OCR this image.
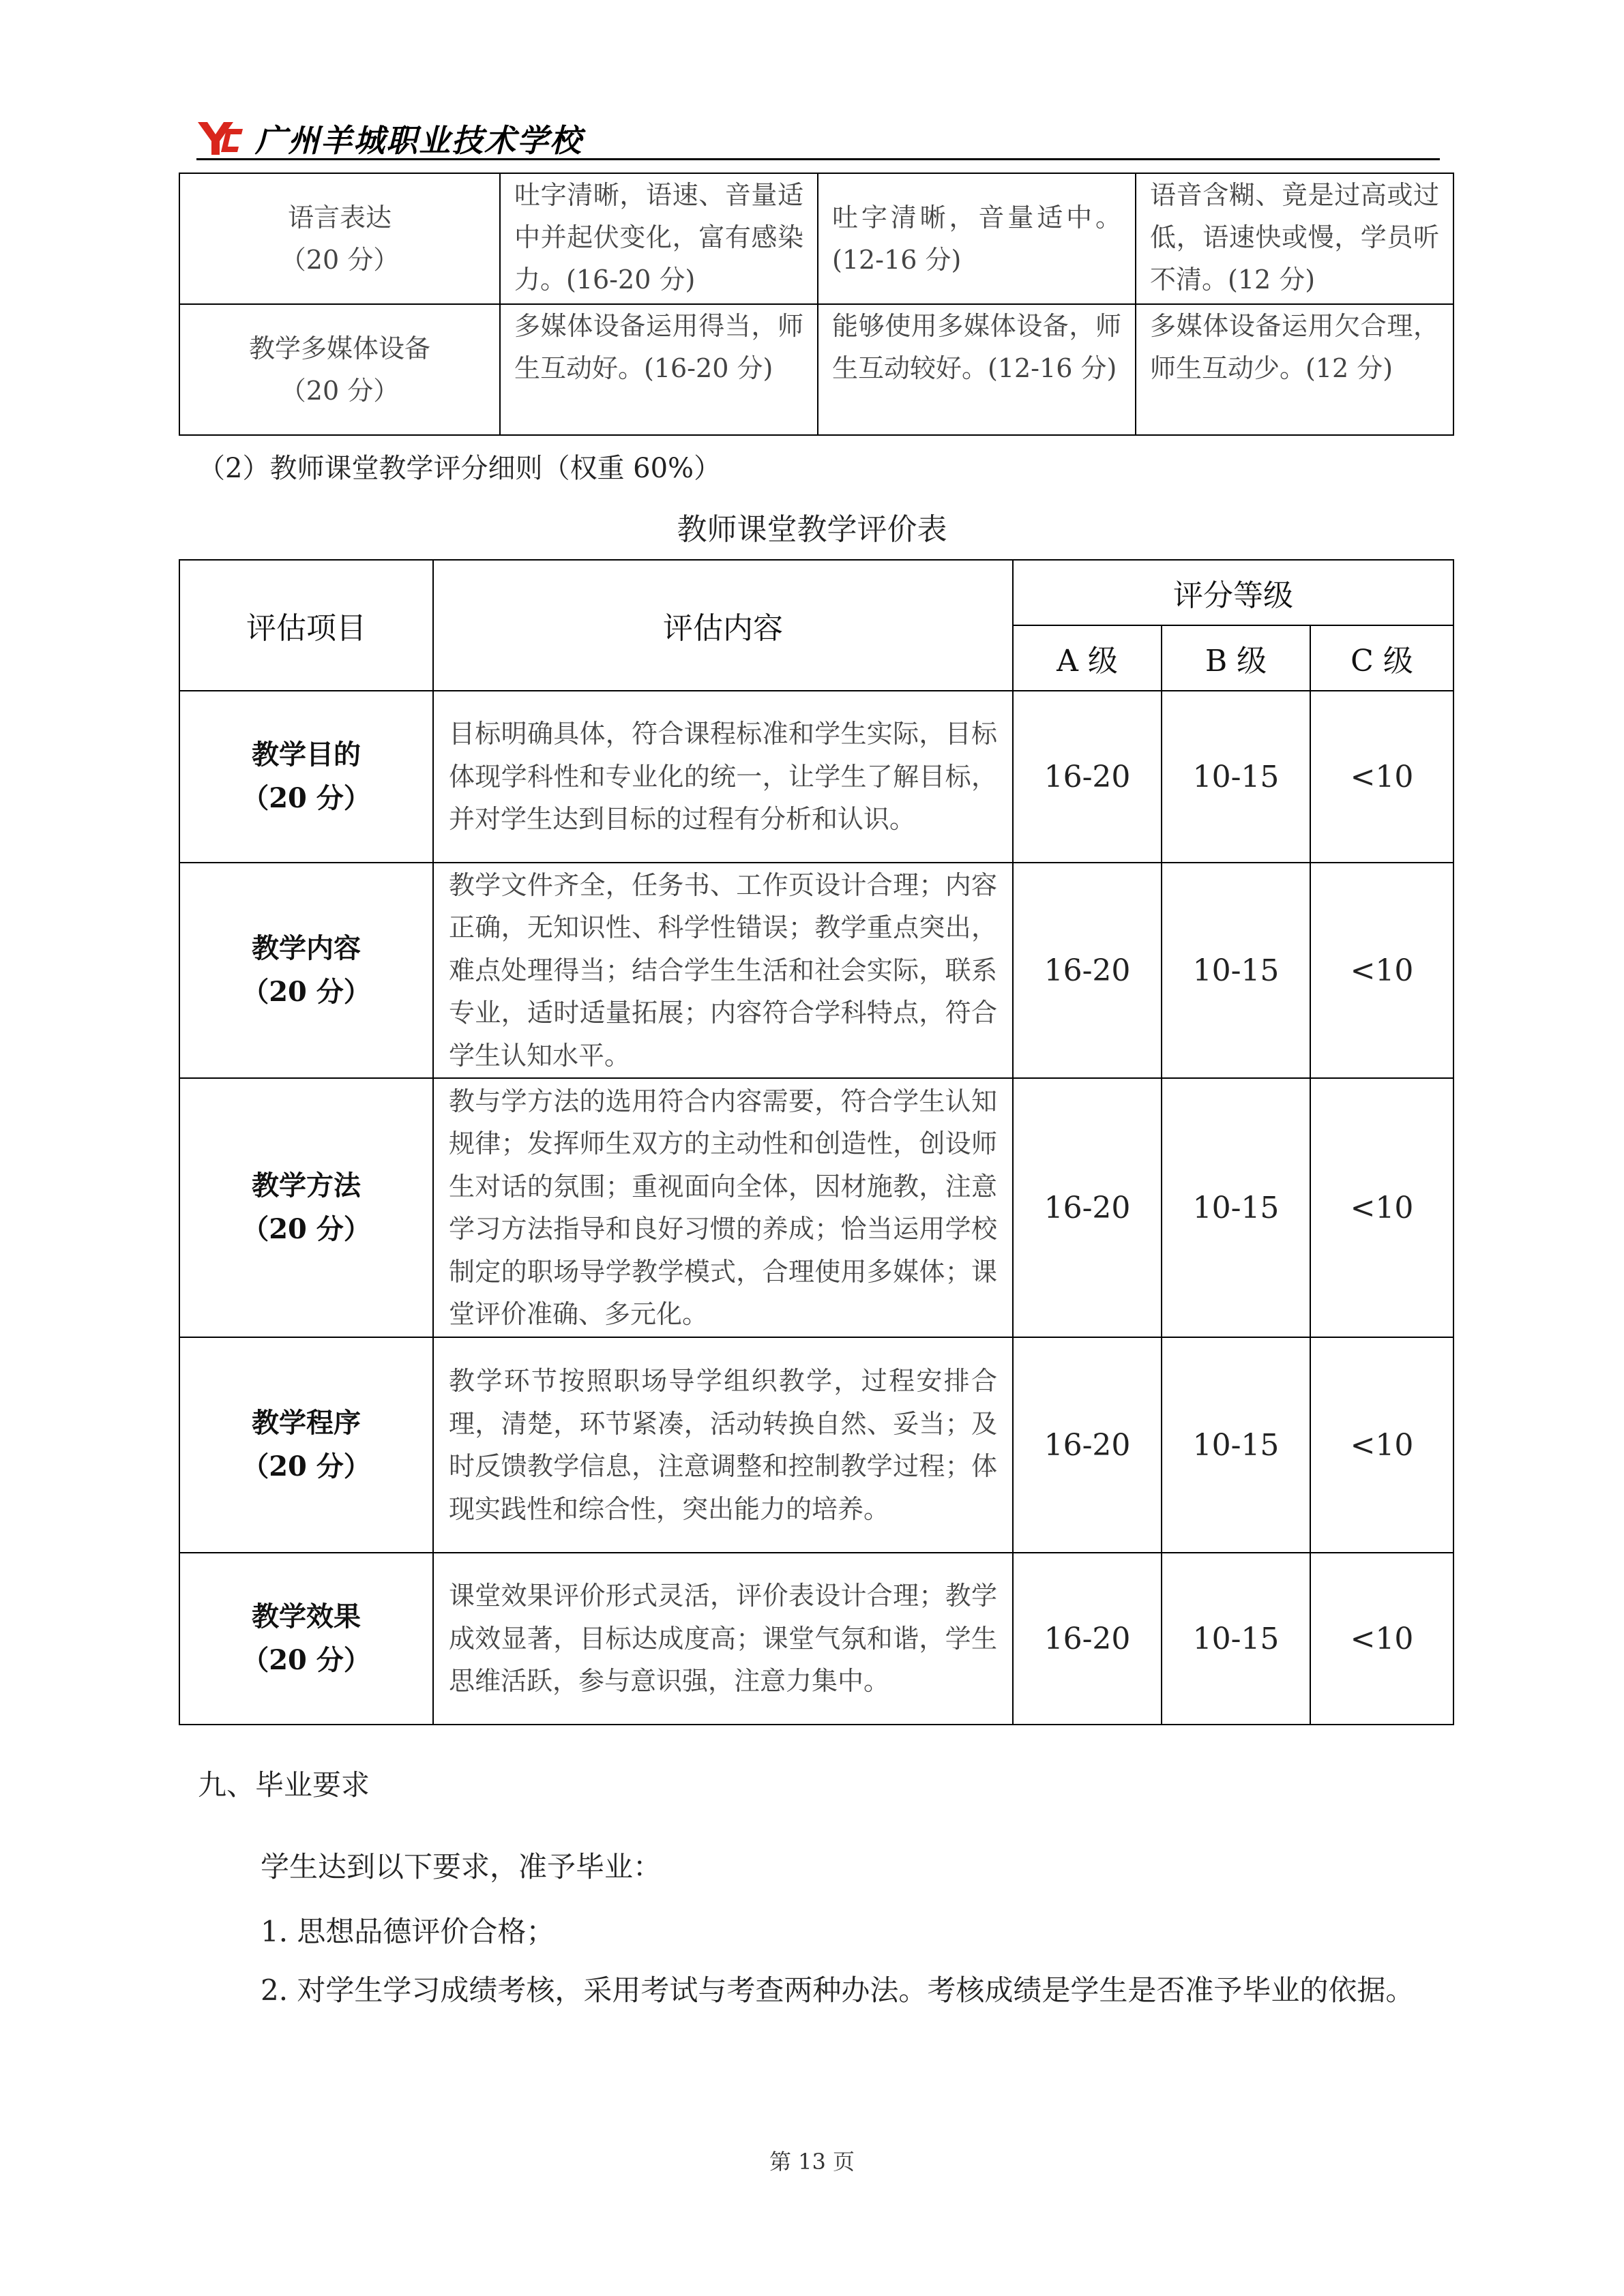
广州羊城职业技术学校
语言表达
（20 分）	吐字清晰，语速、音量适中并起伏变化，富有感染力。(16-20 分)	吐字清晰，音量适中。(12-16 分)	语音含糊、竟是过高或过低，语速快或慢，学员听不清。(12 分)

教学多媒体设备
（20 分）	多媒体设备运用得当，师生互动好。(16-20 分)	能够使用多媒体设备，师生互动较好。(12-16 分)	多媒体设备运用欠合理，师生互动少。(12 分)
（2）教师课堂教学评分细则（权重 60%）
教师课堂教学评价表
评估项目	评估内容	评分等级		
		A 级	B 级	C 级

教学目的
（20 分）	目标明确具体，符合课程标准和学生实际，目标体现学科性和专业化的统一，让学生了解目标，并对学生达到目标的过程有分析和认识。	16-20	10-15	<10

教学内容
（20 分）	教学文件齐全，任务书、工作页设计合理；内容正确，无知识性、科学性错误；教学重点突出，难点处理得当；结合学生生活和社会实际，联系专业，适时适量拓展；内容符合学科特点，符合学生认知水平。	16-20	10-15	<10

教学方法
（20 分）	教与学方法的选用符合内容需要，符合学生认知规律；发挥师生双方的主动性和创造性，创设师生对话的氛围；重视面向全体，因材施教，注意学习方法指导和良好习惯的养成；恰当运用学校制定的职场导学教学模式，合理使用多媒体；课堂评价准确、多元化。	16-20	10-15	<10

教学程序
（20 分）	教学环节按照职场导学组织教学，过程安排合理，清楚，环节紧凑，活动转换自然、妥当；及时反馈教学信息，注意调整和控制教学过程；体现实践性和综合性，突出能力的培养。	16-20	10-15	<10

教学效果
（20 分）	课堂效果评价形式灵活，评价表设计合理；教学成效显著，目标达成度高；课堂气氛和谐，学生思维活跃，参与意识强，注意力集中。	16-20	10-15	<10
九、毕业要求
学生达到以下要求，准予毕业：
1. 思想品德评价合格；
2. 对学生学习成绩考核，采用考试与考查两种办法。考核成绩是学生是否准予毕业的依据。
第 13 页
